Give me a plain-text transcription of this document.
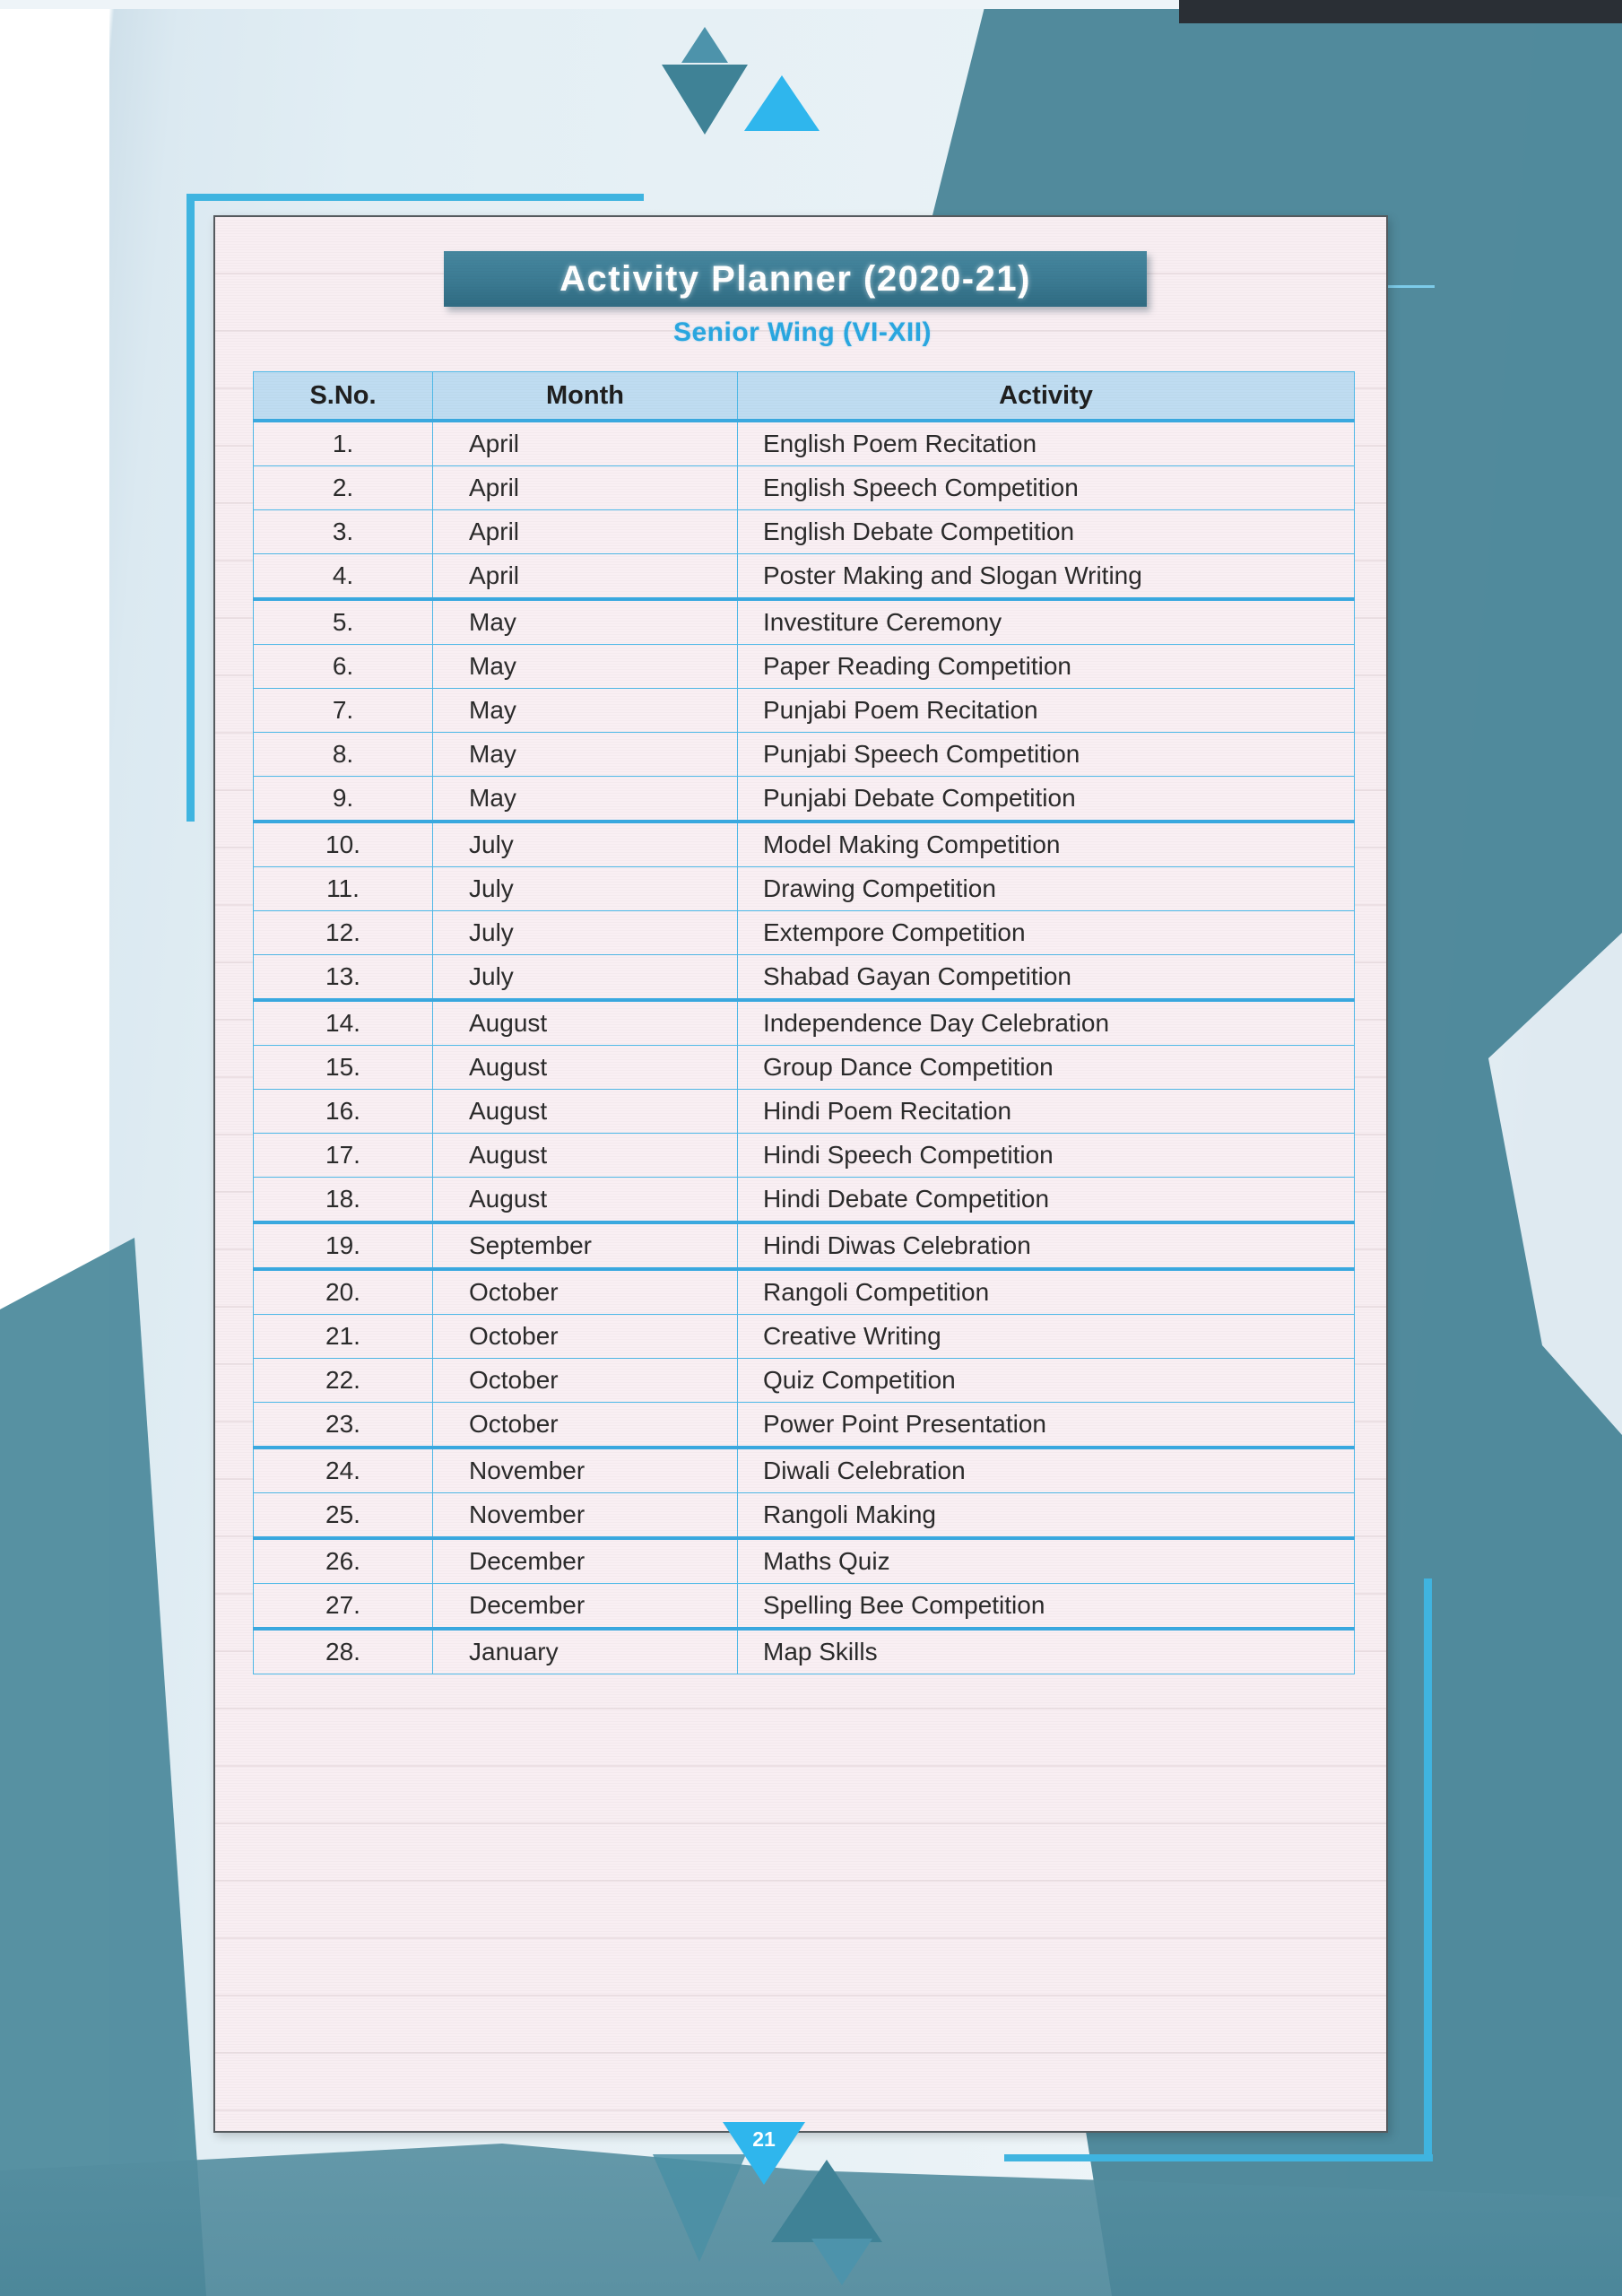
Activity Planner (2020-21)
Senior Wing (VI-XII)
S.No.	Month	Activity
1.	April	English Poem Recitation
2.	April	English Speech Competition
3.	April	English Debate Competition
4.	April	Poster Making and Slogan Writing
5.	May	Investiture Ceremony
6.	May	Paper Reading Competition
7.	May	Punjabi Poem Recitation
8.	May	Punjabi Speech Competition
9.	May	Punjabi Debate Competition
10.	July	Model Making Competition
11.	July	Drawing Competition
12.	July	Extempore Competition
13.	July	Shabad Gayan Competition
14.	August	Independence Day Celebration
15.	August	Group Dance Competition
16.	August	Hindi Poem Recitation
17.	August	Hindi Speech Competition
18.	August	Hindi Debate Competition
19.	September	Hindi Diwas Celebration
20.	October	Rangoli Competition
21.	October	Creative Writing
22.	October	Quiz Competition
23.	October	Power Point Presentation
24.	November	Diwali Celebration
25.	November	Rangoli Making
26.	December	Maths Quiz
27.	December	Spelling Bee Competition
28.	January	Map Skills
21
